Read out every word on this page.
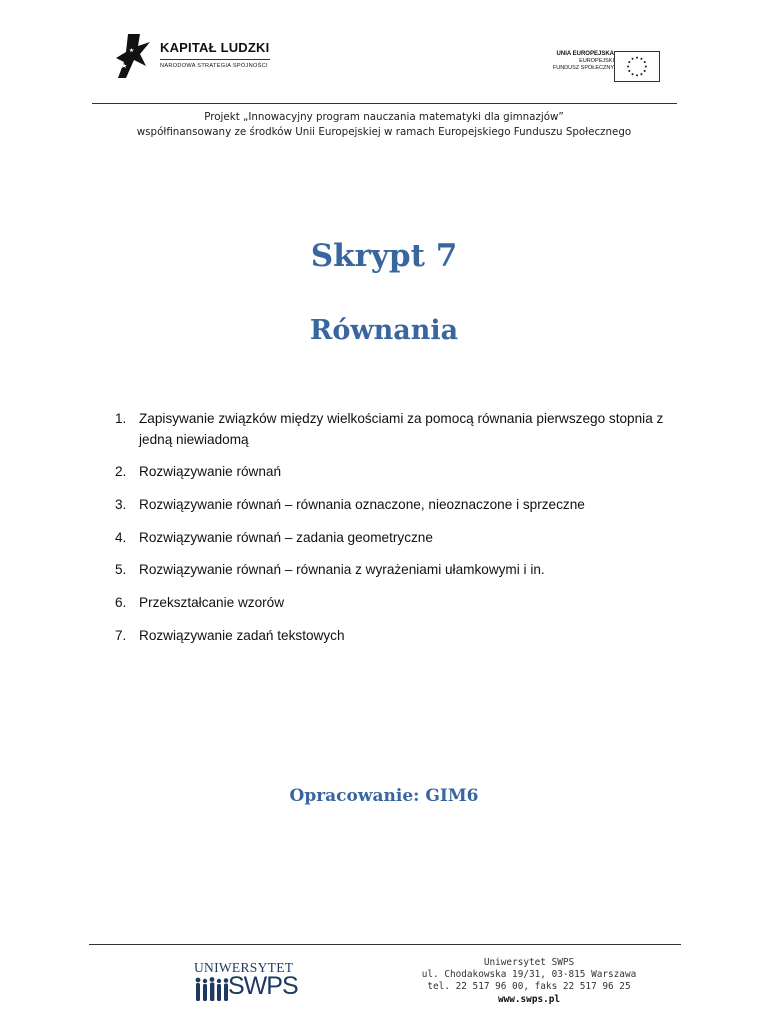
KAPITAŁ LUDZKI
NARODOWA STRATEGIA SPÓJNOŚCI
UNIA EUROPEJSKA
EUROPEJSKI
FUNDUSZ SPOŁECZNY
Projekt „Innowacyjny program nauczania matematyki dla gimnazjów”
współfinansowany ze środków Unii Europejskiej w ramach Europejskiego Funduszu Społecznego
Skrypt 7
Równania
1. Zapisywanie związków między wielkościami za pomocą równania pierwszego stopnia z jedną niewiadomą
2. Rozwiązywanie równań
3. Rozwiązywanie równań – równania oznaczone, nieoznaczone i sprzeczne
4. Rozwiązywanie równań – zadania geometryczne
5. Rozwiązywanie równań – równania z wyrażeniami ułamkowymi i in.
6. Przekształcanie wzorów
7. Rozwiązywanie zadań tekstowych
Opracowanie: GIM6
UNIWERSYTET
SWPS
Uniwersytet SWPS
ul. Chodakowska 19/31, 03-815 Warszawa
tel. 22 517 96 00, faks 22 517 96 25
www.swps.pl
